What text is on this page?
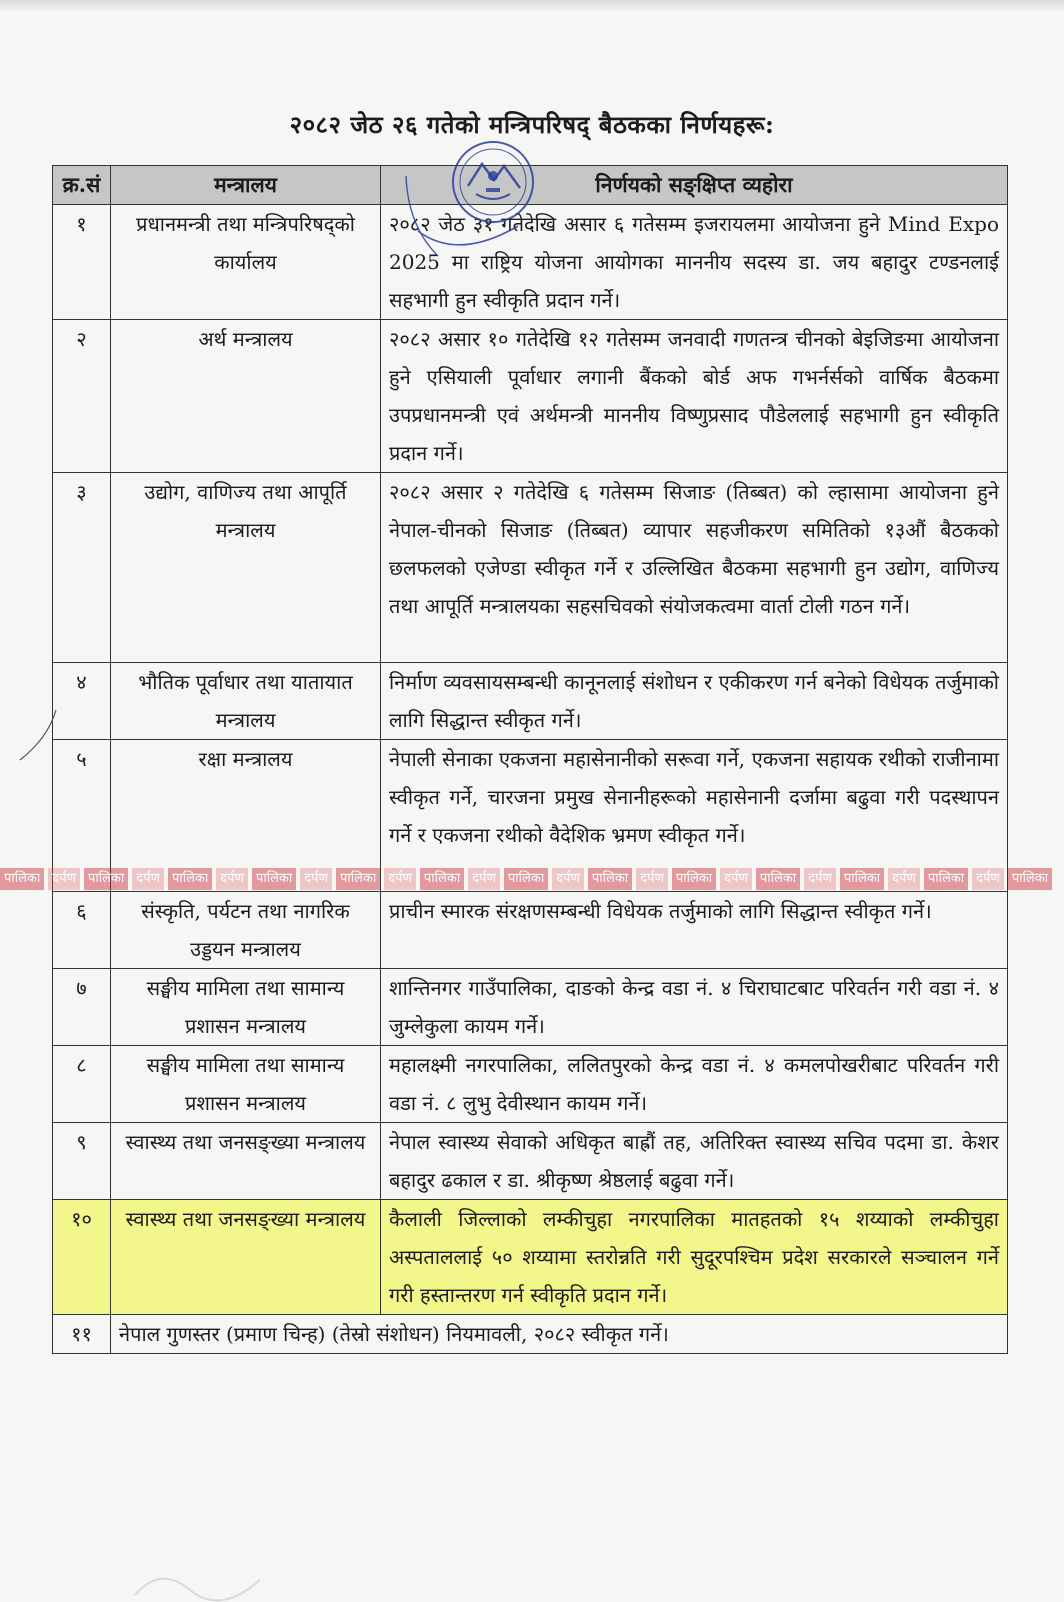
२०८२ जेठ २६ गतेको मन्त्रिपरिषद् बैठकका निर्णयहरू:
क्र.सं	मन्त्रालय	निर्णयको सङ्क्षिप्त व्यहोरा
१	प्रधानमन्त्री तथा मन्त्रिपरिषद्को कार्यालय	२०८२ जेठ ३१ गतेदेखि असार ६ गतेसम्म इजरायलमा आयोजना हुने Mind Expo 2025 मा राष्ट्रिय योजना आयोगका माननीय सदस्य डा. जय बहादुर टण्डनलाई सहभागी हुन स्वीकृति प्रदान गर्ने।
२	अर्थ मन्त्रालय	२०८२ असार १० गतेदेखि १२ गतेसम्म जनवादी गणतन्त्र चीनको बेइजिङमा आयोजना हुने एसियाली पूर्वाधार लगानी बैंकको बोर्ड अफ गभर्नर्सको वार्षिक बैठकमा उपप्रधानमन्त्री एवं अर्थमन्त्री माननीय विष्णुप्रसाद पौडेललाई सहभागी हुन स्वीकृति प्रदान गर्ने।
३	उद्योग, वाणिज्य तथा आपूर्ति मन्त्रालय	२०८२ असार २ गतेदेखि ६ गतेसम्म सिजाङ (तिब्बत) को ल्हासामा आयोजना हुने नेपाल-चीनको सिजाङ (तिब्बत) व्यापार सहजीकरण समितिको १३औं बैठकको छलफलको एजेण्डा स्वीकृत गर्ने र उल्लिखित बैठकमा सहभागी हुन उद्योग, वाणिज्य तथा आपूर्ति मन्त्रालयका सहसचिवको संयोजकत्वमा वार्ता टोली गठन गर्ने।
४	भौतिक पूर्वाधार तथा यातायात मन्त्रालय	निर्माण व्यवसायसम्बन्धी कानूनलाई संशोधन र एकीकरण गर्न बनेको विधेयक तर्जुमाको लागि सिद्धान्त स्वीकृत गर्ने।
५	रक्षा मन्त्रालय	नेपाली सेनाका एकजना महासेनानीको सरूवा गर्ने, एकजना सहायक रथीको राजीनामा स्वीकृत गर्ने, चारजना प्रमुख सेनानीहरूको महासेनानी दर्जामा बढुवा गरी पदस्थापन गर्ने र एकजना रथीको वैदेशिक भ्रमण स्वीकृत गर्ने।
६	संस्कृति, पर्यटन तथा नागरिक उड्डयन मन्त्रालय	प्राचीन स्मारक संरक्षणसम्बन्धी विधेयक तर्जुमाको लागि सिद्धान्त स्वीकृत गर्ने।
७	सङ्घीय मामिला तथा सामान्य प्रशासन मन्त्रालय	शान्तिनगर गाउँपालिका, दाङको केन्द्र वडा नं. ४ चिराघाटबाट परिवर्तन गरी वडा नं. ४ जुम्लेकुला कायम गर्ने।
८	सङ्घीय मामिला तथा सामान्य प्रशासन मन्त्रालय	महालक्ष्मी नगरपालिका, ललितपुरको केन्द्र वडा नं. ४ कमलपोखरीबाट परिवर्तन गरी वडा नं. ८ लुभु देवीस्थान कायम गर्ने।
९	स्वास्थ्य तथा जनसङ्ख्या मन्त्रालय	नेपाल स्वास्थ्य सेवाको अधिकृत बाह्रौं तह, अतिरिक्त स्वास्थ्य सचिव पदमा डा. केशर बहादुर ढकाल र डा. श्रीकृष्ण श्रेष्ठलाई बढुवा गर्ने।
१०	स्वास्थ्य तथा जनसङ्ख्या मन्त्रालय	कैलाली जिल्लाको लम्कीचुहा नगरपालिका मातहतको १५ शय्याको लम्कीचुहा अस्पताललाई ५० शय्यामा स्तरोन्नति गरी सुदूरपश्चिम प्रदेश सरकारले सञ्चालन गर्ने गरी हस्तान्तरण गर्न स्वीकृति प्रदान गर्ने।
११	नेपाल गुणस्तर (प्रमाण चिन्ह) (तेस्रो संशोधन) नियमावली, २०८२ स्वीकृत गर्ने।	
पालिका दर्पण पालिका दर्पण पालिका दर्पण पालिका दर्पण पालिका दर्पण पालिका दर्पण पालिका दर्पण पालिका दर्पण पालिका दर्पण पालिका दर्पण पालिका दर्पण पालिका दर्पण पालिका
